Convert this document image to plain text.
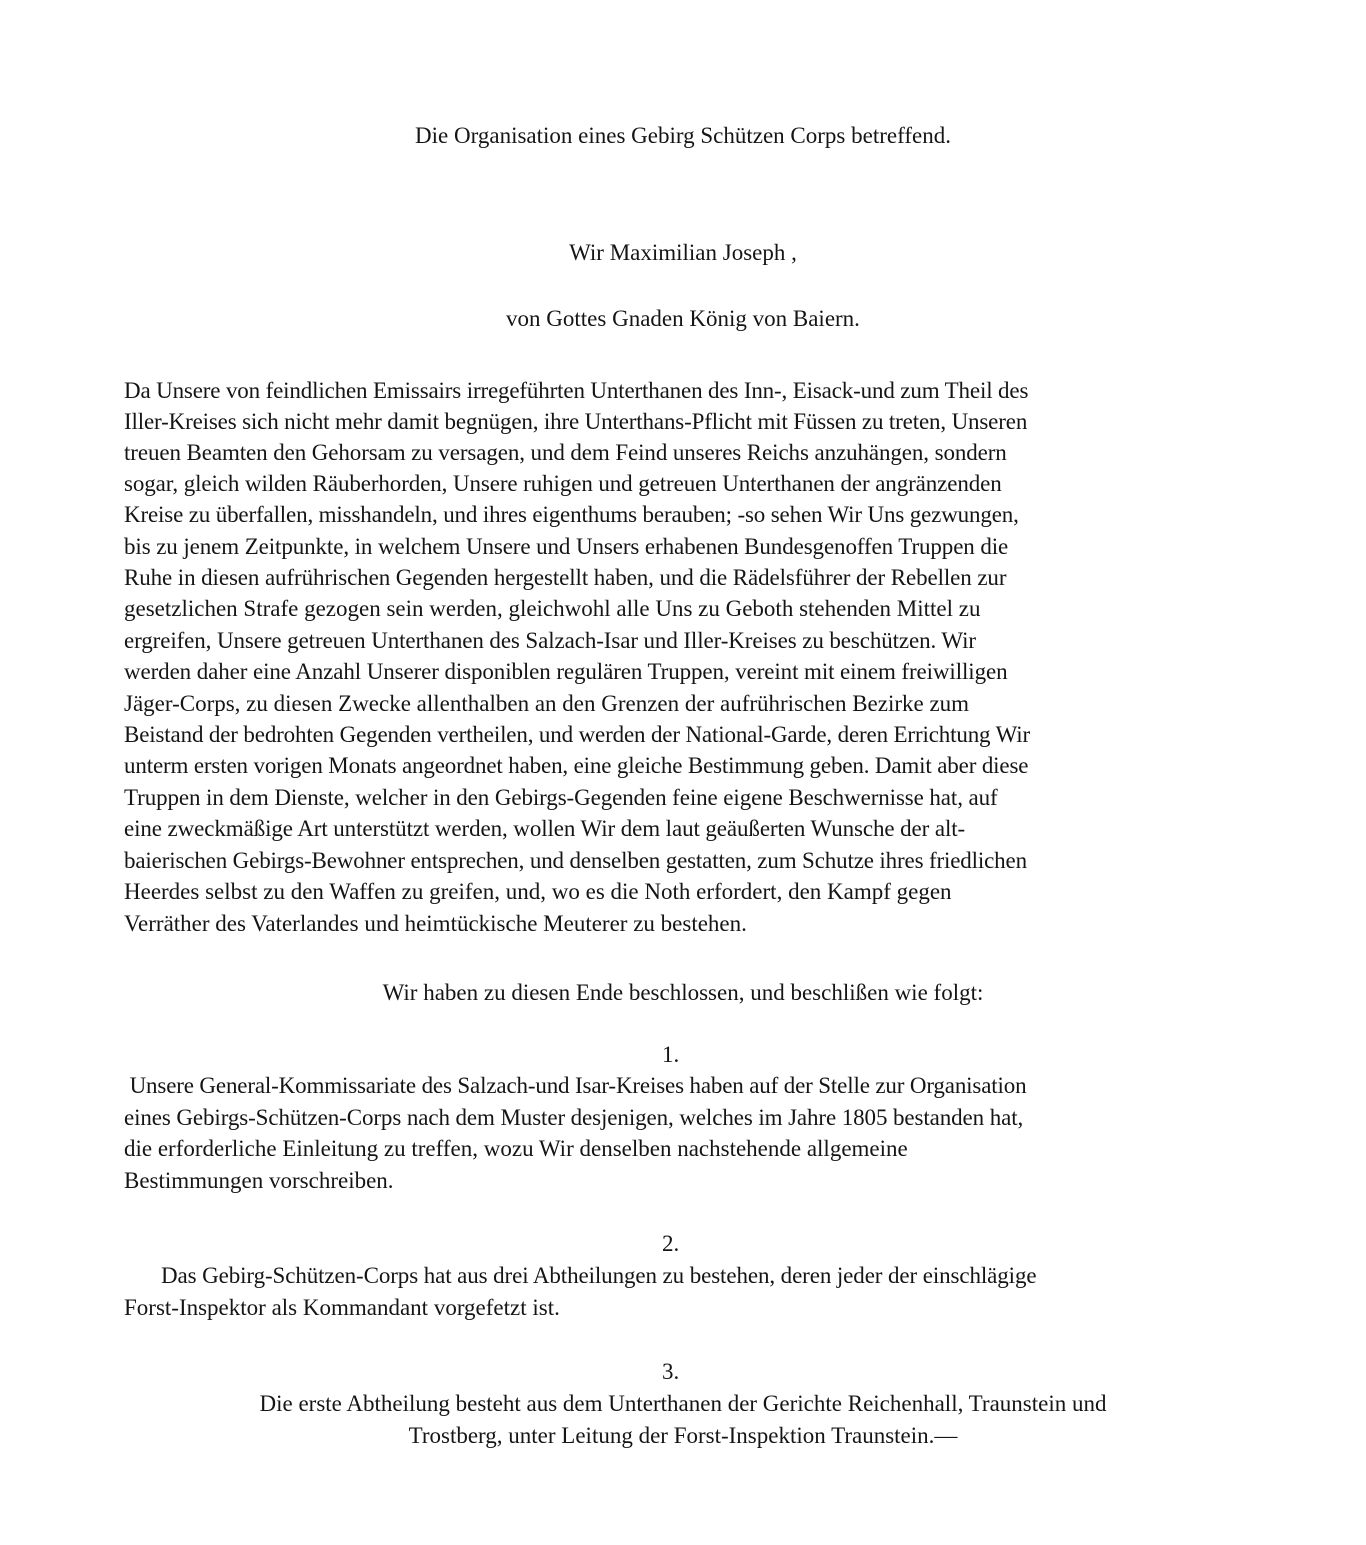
Die Organisation eines Gebirg Schützen Corps betreffend.

Wir Maximilian Joseph ,

von Gottes Gnaden König von Baiern.

Da Unsere von feindlichen Emissairs irregeführten Unterthanen des Inn-, Eisack-und zum Theil des

Iller-Kreises sich nicht mehr damit begnügen, ihre Unterthans-Pflicht mit Füssen zu treten, Unseren

treuen Beamten den Gehorsam zu versagen, und dem Feind unseres Reichs anzuhängen, sondern

sogar, gleich wilden Räuberhorden, Unsere ruhigen und getreuen Unterthanen der angränzenden

Kreise zu überfallen, misshandeln, und ihres eigenthums berauben; -so sehen Wir Uns gezwungen,

bis zu jenem Zeitpunkte, in welchem Unsere und Unsers erhabenen Bundesgenoffen Truppen die

Ruhe in diesen aufrührischen Gegenden hergestellt haben, und die Rädelsführer der Rebellen zur

gesetzlichen Strafe gezogen sein werden, gleichwohl alle Uns zu Geboth stehenden Mittel zu

ergreifen, Unsere getreuen Unterthanen des Salzach-Isar und Iller-Kreises zu beschützen. Wir

werden daher eine Anzahl Unserer disponiblen regulären Truppen, vereint mit einem freiwilligen

Jäger-Corps, zu diesen Zwecke allenthalben an den Grenzen der aufrührischen Bezirke zum

Beistand der bedrohten Gegenden vertheilen, und werden der National-Garde, deren Errichtung Wir

unterm ersten vorigen Monats angeordnet haben, eine gleiche Bestimmung geben. Damit aber diese

Truppen in dem Dienste, welcher in den Gebirgs-Gegenden feine eigene Beschwernisse hat, auf

eine zweckmäßige Art unterstützt werden, wollen Wir dem laut geäußerten Wunsche der alt-

baierischen Gebirgs-Bewohner entsprechen, und denselben gestatten, zum Schutze ihres friedlichen

Heerdes selbst zu den Waffen zu greifen, und, wo es die Noth erfordert, den Kampf gegen

Verräther des Vaterlandes und heimtückische Meuterer zu bestehen.

Wir haben zu diesen Ende beschlossen, und beschlißen wie folgt:

1.

Unsere General-Kommissariate des Salzach-und Isar-Kreises haben auf der Stelle zur Organisation

eines Gebirgs-Schützen-Corps nach dem Muster desjenigen, welches im Jahre 1805 bestanden hat,

die erforderliche Einleitung zu treffen, wozu Wir denselben nachstehende allgemeine

Bestimmungen vorschreiben.

2.

Das Gebirg-Schützen-Corps hat aus drei Abtheilungen zu bestehen, deren jeder der einschlägige

Forst-Inspektor als Kommandant vorgefetzt ist.

3.

Die erste Abtheilung besteht aus dem Unterthanen der Gerichte Reichenhall, Traunstein und

Trostberg, unter Leitung der Forst-Inspektion Traunstein.—
